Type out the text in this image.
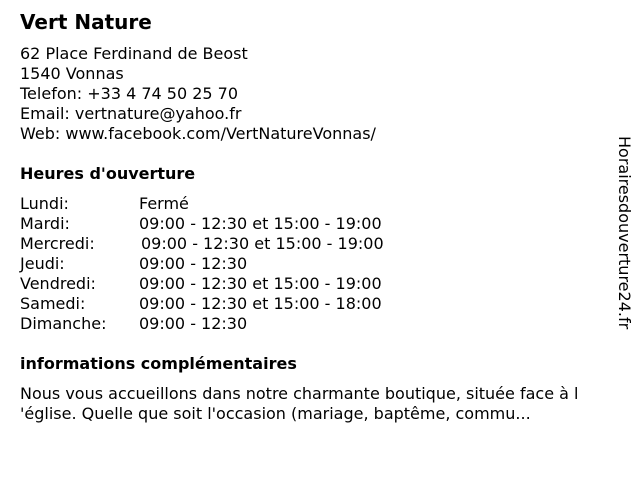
Vert Nature
62 Place Ferdinand de Beost
1540 Vonnas
Telefon: +33 4 74 50 25 70
Email: vertnature@yahoo.fr
Web: www.facebook.com/VertNatureVonnas/
Heures d'ouverture
Lundi:	Fermé
Mardi:	09:00 - 12:30 et 15:00 - 19:00
Mercredi:	09:00 - 12:30 et 15:00 - 19:00
Jeudi:	09:00 - 12:30
Vendredi:	09:00 - 12:30 et 15:00 - 19:00
Samedi:	09:00 - 12:30 et 15:00 - 18:00
Dimanche: 09:00 - 12:30
informations complémentaires
Nous vous accueillons dans notre charmante boutique, située face à l
'église. Quelle que soit l'occasion (mariage, baptême, commu...
Horairesdouverture24.fr
